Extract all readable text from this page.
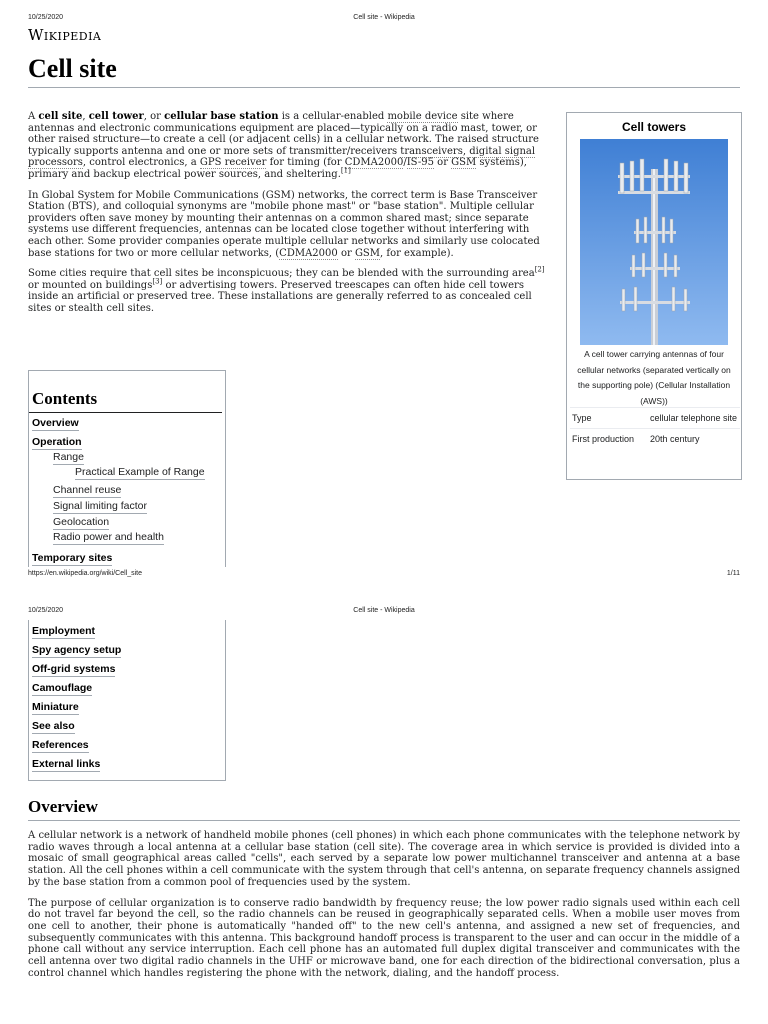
10/25/2020	Cell site - Wikipedia
Wikipedia
Cell site

A cell site, cell tower, or cellular base station is a cellular-enabled mobile device site where antennas and electronic communications equipment are placed—typically on a radio mast, tower, or other raised structure—to create a cell (or adjacent cells) in a cellular network. The raised structure typically supports antenna and one or more sets of transmitter/receivers transceivers, digital signal processors, control electronics, a GPS receiver for timing (for CDMA2000/IS-95 or GSM systems), primary and backup electrical power sources, and sheltering.[1]

In Global System for Mobile Communications (GSM) networks, the correct term is Base Transceiver Station (BTS), and colloquial synonyms are "mobile phone mast" or "base station". Multiple cellular providers often save money by mounting their antennas on a common shared mast; since separate systems use different frequencies, antennas can be located close together without interfering with each other. Some provider companies operate multiple cellular networks and similarly use colocated base stations for two or more cellular networks, (CDMA2000 or GSM, for example).

Some cities require that cell sites be inconspicuous; they can be blended with the surrounding area[2] or mounted on buildings[3] or advertising towers. Preserved treescapes can often hide cell towers inside an artificial or preserved tree. These installations are generally referred to as concealed cell sites or stealth cell sites.

Cell towers
A cell tower carrying antennas of four cellular networks (separated vertically on the supporting pole) (Cellular Installation (AWS))
Type	cellular telephone site
First production	20th century
Contents
Overview
Operation
Range
Practical Example of Range
Channel reuse
Signal limiting factor
Geolocation
Radio power and health
Temporary sites
https://en.wikipedia.org/wiki/Cell_site	1/11
10/25/2020	Cell site - Wikipedia
Employment
Spy agency setup
Off-grid systems
Camouflage
Miniature
See also
References
External links
Overview

A cellular network is a network of handheld mobile phones (cell phones) in which each phone communicates with the telephone network by radio waves through a local antenna at a cellular base station (cell site). The coverage area in which service is provided is divided into a mosaic of small geographical areas called "cells", each served by a separate low power multichannel transceiver and antenna at a base station. All the cell phones within a cell communicate with the system through that cell's antenna, on separate frequency channels assigned by the base station from a common pool of frequencies used by the system.

The purpose of cellular organization is to conserve radio bandwidth by frequency reuse; the low power radio signals used within each cell do not travel far beyond the cell, so the radio channels can be reused in geographically separated cells. When a mobile user moves from one cell to another, their phone is automatically "handed off" to the new cell's antenna, and assigned a new set of frequencies, and subsequently communicates with this antenna. This background handoff process is transparent to the user and can occur in the middle of a phone call without any service interruption. Each cell phone has an automated full duplex digital transceiver and communicates with the cell antenna over two digital radio channels in the UHF or microwave band, one for each direction of the bidirectional conversation, plus a control channel which handles registering the phone with the network, dialing, and the handoff process.
